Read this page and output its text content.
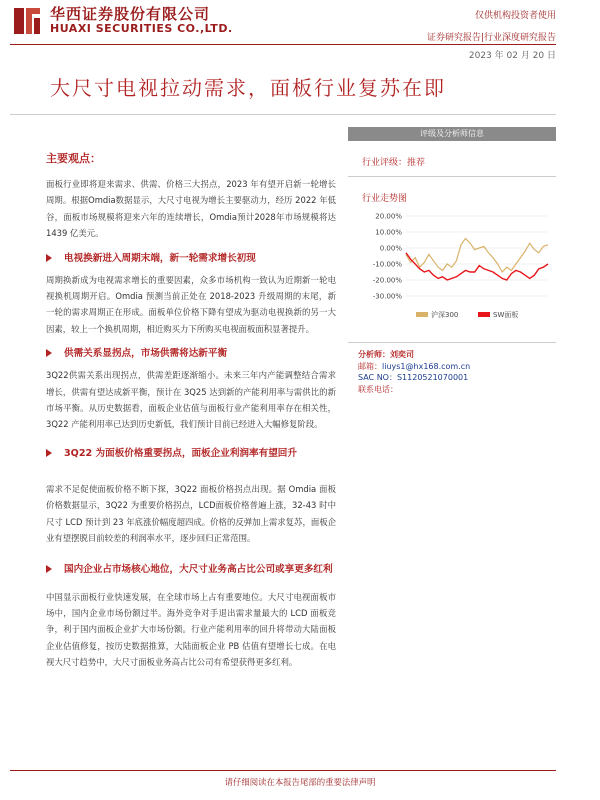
华西证券股份有限公司
HUAXI SECURITIES CO.,LTD.
仅供机构投资者使用
证券研究报告|行业深度研究报告
2023 年 02 月 20 日
大尺寸电视拉动需求，面板行业复苏在即
主要观点：

面板行业即将迎来需求、供需、价格三大拐点，2023 年有望开启新一轮增长周期。根据Omdia数据显示，大尺寸电视为增长主要驱动力，经历 2022 年低谷，面板市场规模将迎来六年的连续增长，Omdia预计2028年市场规模将达1439 亿美元。

电视换新进入周期末端，新一轮需求增长初现

周期换新成为电视需求增长的重要因素，众多市场机构一致认为近期新一轮电视换机周期开启。Omdia 预测当前正处在 2018-2023 升级周期的末尾，新一轮的需求周期正在形成。面板单位价格下降有望成为驱动电视换新的另一大因素，较上一个换机周期，相近购买力下所购买电视面板面积显著提升。

供需关系显拐点，市场供需将达新平衡

3Q22供需关系出现拐点，供需差距逐渐缩小。未来三年内产能调整结合需求增长，供需有望达成新平衡，预计在 3Q25 达到新的产能利用率与需供比的新市场平衡。从历史数据看，面板企业估值与面板行业产能利用率存在相关性，3Q22 产能利用率已达到历史新低，我们预计目前已经进入大幅修复阶段。

3Q22 为面板价格重要拐点，面板企业利润率有望回升

需求不足促使面板价格不断下探，3Q22 面板价格拐点出现。据 Omdia 面板价格数据显示，3Q22 为重要价格拐点，LCD面板价格普遍上涨，32-43 时中尺寸 LCD 预计到 23 年底涨价幅度超四成。价格的反弹加上需求复苏，面板企业有望摆脱目前较差的利润率水平，逐步回归正常范围。

国内企业占市场核心地位，大尺寸业务高占比公司或享更多红利

中国显示面板行业快速发展，在全球市场上占有重要地位。大尺寸电视面板市场中，国内企业市场份额过半。海外竞争对手退出需求量最大的 LCD 面板竞争，利于国内面板企业扩大市场份额。行业产能利用率的回升将带动大陆面板企业估值修复，按历史数据推算，大陆面板企业 PB 估值有望增长七成。在电视大尺寸趋势中，大尺寸面板业务高占比公司有希望获得更多红利。

评级及分析师信息
行业评级：推荐
行业走势图
20.00%
10.00%
0.00%
-10.00%
-20.00%
-30.00%
沪深300	SW面板
分析师：刘奕司
邮箱：liuys1@hx168.com.cn
SAC NO：S1120521070001
联系电话：
请仔细阅读在本报告尾部的重要法律声明
